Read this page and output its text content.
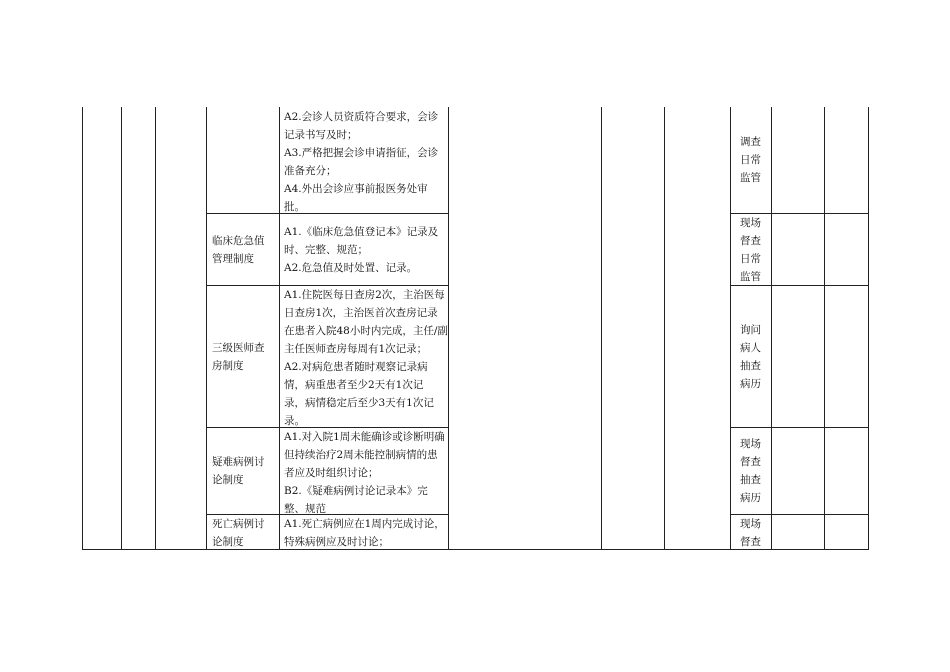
A2.会诊人员资质符合要求，会诊
记录书写及时；
A3.严格把握会诊申请指征，会诊
准备充分；
A4.外出会诊应事前报医务处审
批。
调查
日常
监管
临床危急值
管理制度
A1.《临床危急值登记本》记录及
时、完整、规范；
A2.危急值及时处置、记录。
现场
督查
日常
监管
三级医师查
房制度
A1.住院医每日查房2次，主治医每
日查房1次，主治医首次查房记录
在患者入院48小时内完成，主任/副
主任医师查房每周有1次记录；
A2.对病危患者随时观察记录病
情，病重患者至少2天有1次记
录，病情稳定后至少3天有1次记
录。
询问
病人
抽查
病历
疑难病例讨
论制度
A1.对入院1周未能确诊或诊断明确
但持续治疗2周未能控制病情的患
者应及时组织讨论；
B2.《疑难病例讨论记录本》完
整、规范
现场
督查
抽查
病历
死亡病例讨
论制度
A1.死亡病例应在1周内完成讨论，
特殊病例应及时讨论；
现场
督查
